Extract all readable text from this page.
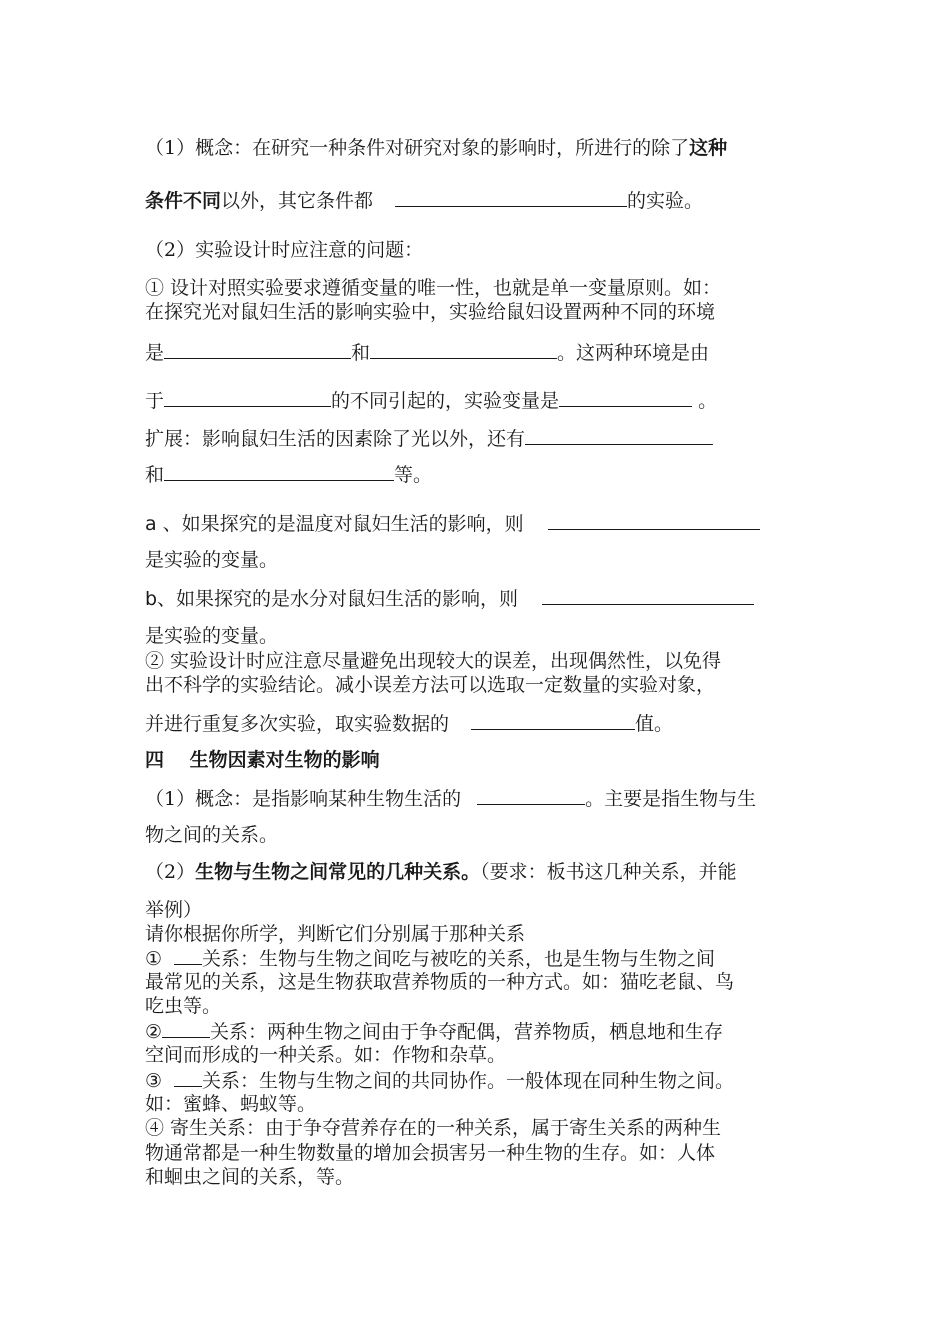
（1）概念：在研究一种条件对研究对象的影响时，所进行的除了这种
条件不同以外，其它条件都	的实验。
（2）实验设计时应注意的问题：
① 设计对照实验要求遵循变量的唯一性，也就是单一变量原则。如：
在探究光对鼠妇生活的影响实验中，实验给鼠妇设置两种不同的环境
是	和	。这两种环境是由
于	的不同引起的，实验变量是	。
扩展：影响鼠妇生活的因素除了光以外，还有
和	等。
a 、如果探究的是温度对鼠妇生活的影响，则
是实验的变量。
b、如果探究的是水分对鼠妇生活的影响，则
是实验的变量。
② 实验设计时应注意尽量避免出现较大的误差，出现偶然性，以免得
出不科学的实验结论。减小误差方法可以选取一定数量的实验对象，
并进行重复多次实验，取实验数据的	值。
四　 生物因素对生物的影响
（1）概念：是指影响某种生物生活的	。主要是指生物与生
物之间的关系。
（2）生物与生物之间常见的几种关系。（要求：板书这几种关系，并能
举例）
请你根据你所学，判断它们分别属于那种关系
① 关系：生物与生物之间吃与被吃的关系，也是生物与生物之间
最常见的关系，这是生物获取营养物质的一种方式。如：猫吃老鼠、鸟
吃虫等。
②	关系：两种生物之间由于争夺配偶，营养物质，栖息地和生存
空间而形成的一种关系。如：作物和杂草。
③ 关系：生物与生物之间的共同协作。一般体现在同种生物之间。
如：蜜蜂、蚂蚁等。
④ 寄生关系：由于争夺营养存在的一种关系，属于寄生关系的两种生
物通常都是一种生物数量的增加会损害另一种生物的生存。如：人体
和蛔虫之间的关系，等。
